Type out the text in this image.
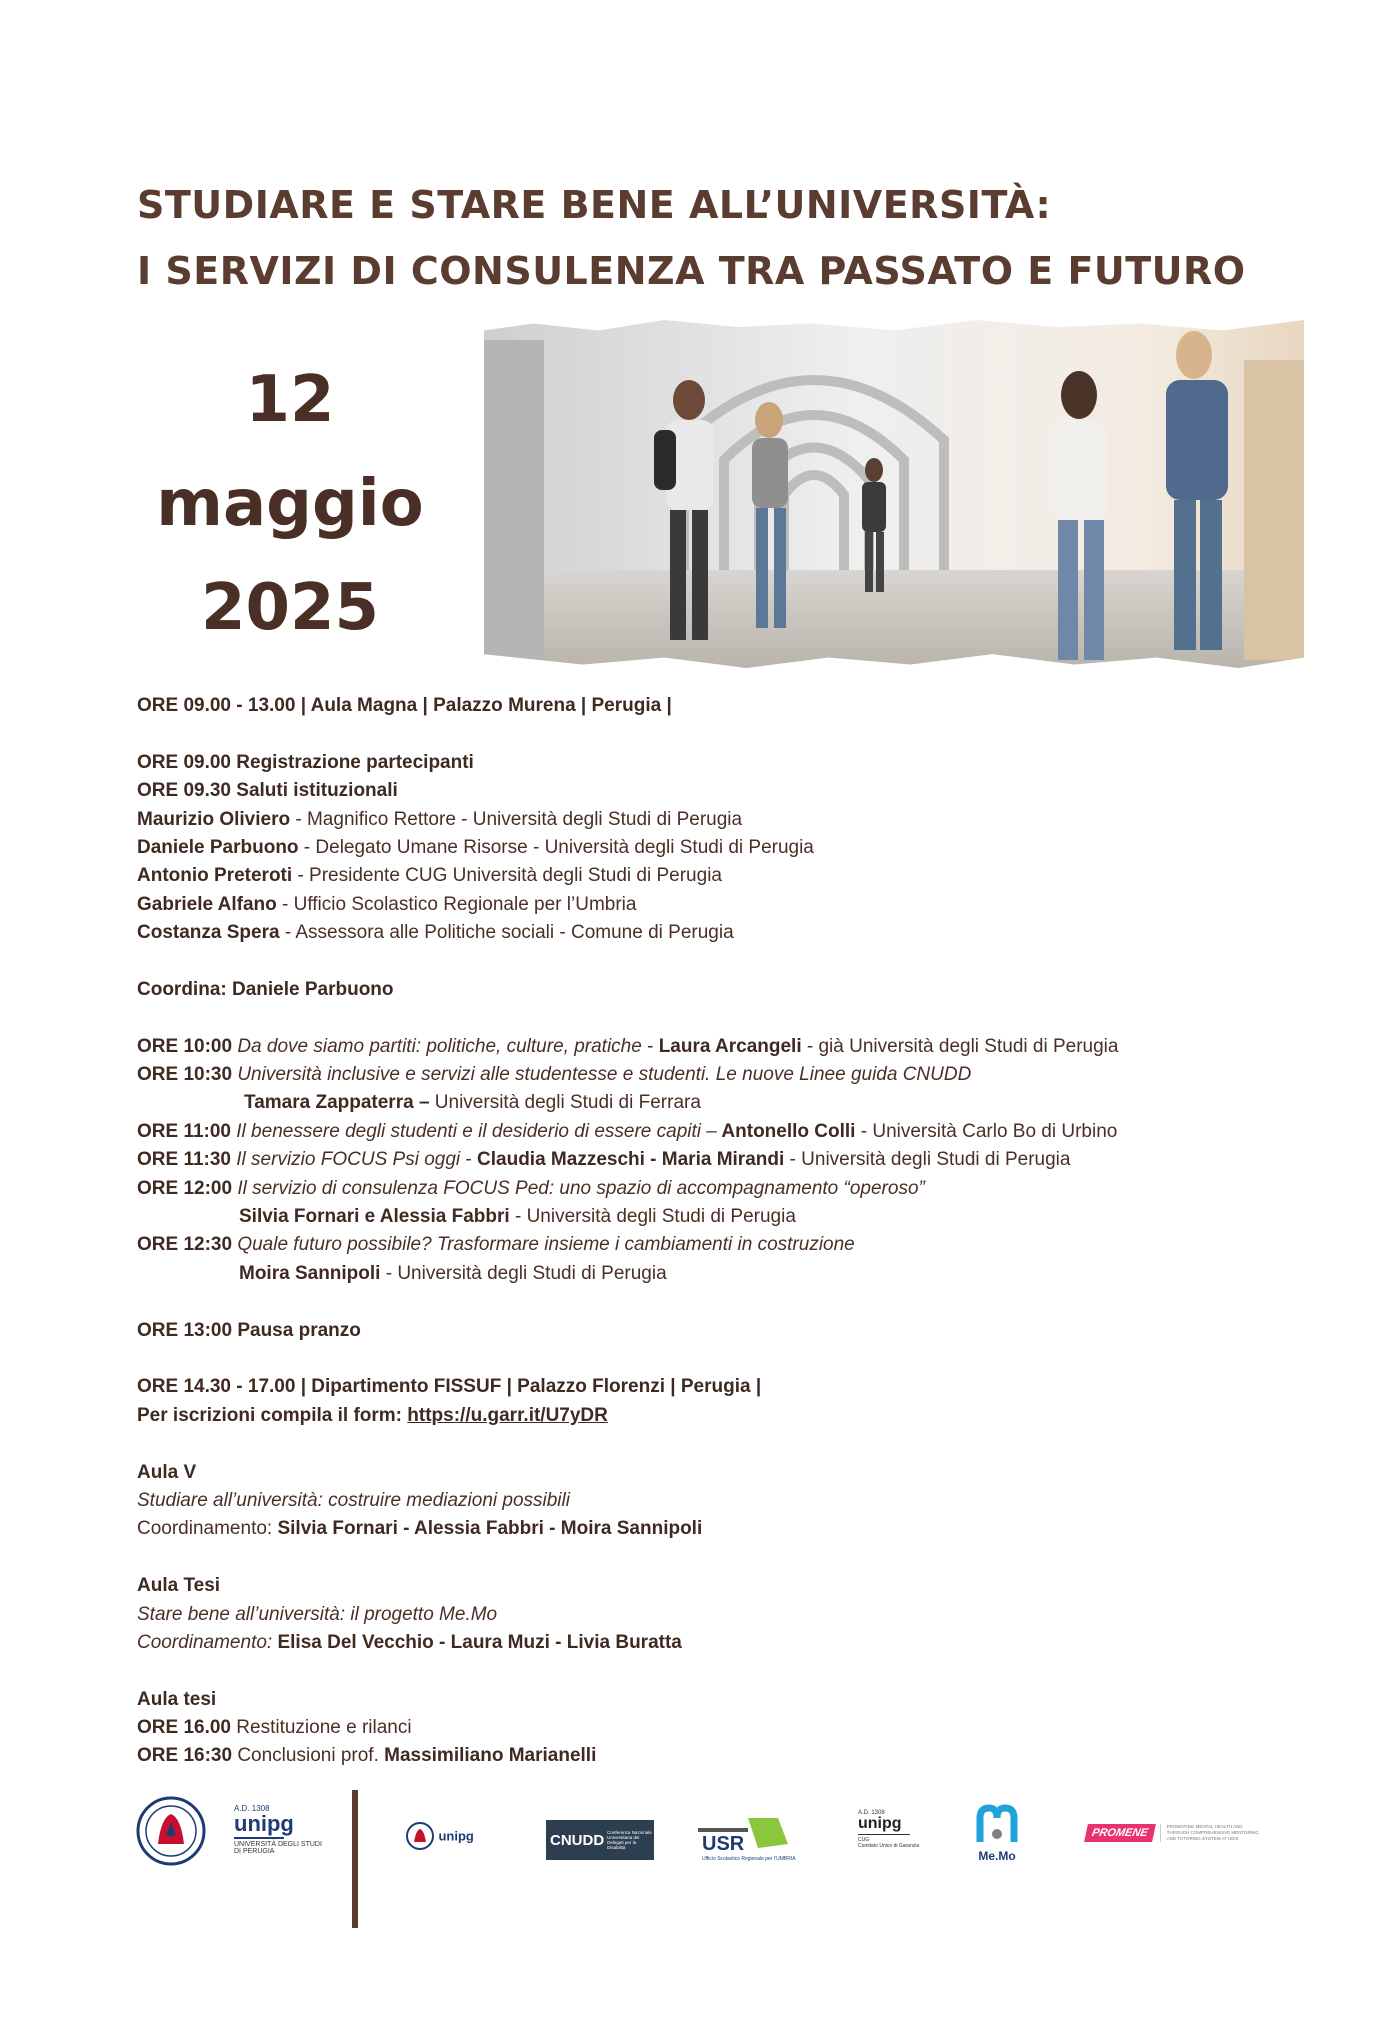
STUDIARE E STARE BENE ALL’UNIVERSITÀ:
I SERVIZI DI CONSULENZA TRA PASSATO E FUTURO
12
maggio
2025
ORE 09.00 - 13.00 | Aula Magna | Palazzo Murena | Perugia |
ORE 09.00 Registrazione partecipanti
ORE 09.30 Saluti istituzionali
Maurizio Oliviero - Magnifico Rettore - Università degli Studi di Perugia
Daniele Parbuono - Delegato Umane Risorse - Università degli Studi di Perugia
Antonio Preteroti - Presidente CUG Università degli Studi di Perugia
Gabriele Alfano - Ufficio Scolastico Regionale per l’Umbria
Costanza Spera - Assessora alle Politiche sociali - Comune di Perugia
Coordina: Daniele Parbuono
ORE 10:00 Da dove siamo partiti: politiche, culture, pratiche - Laura Arcangeli - già Università degli Studi di Perugia
ORE 10:30 Università inclusive e servizi alle studentesse e studenti. Le nuove Linee guida CNUDD
Tamara Zappaterra – Università degli Studi di Ferrara
ORE 11:00 Il benessere degli studenti e il desiderio di essere capiti – Antonello Colli - Università Carlo Bo di Urbino
ORE 11:30 Il servizio FOCUS Psi oggi - Claudia Mazzeschi - Maria Mirandi - Università degli Studi di Perugia
ORE 12:00 Il servizio di consulenza FOCUS Ped: uno spazio di accompagnamento “operoso”
Silvia Fornari e Alessia Fabbri - Università degli Studi di Perugia
ORE 12:30 Quale futuro possibile? Trasformare insieme i cambiamenti in costruzione
Moira Sannipoli - Università degli Studi di Perugia
ORE 13:00 Pausa pranzo
ORE 14.30 - 17.00 | Dipartimento FISSUF | Palazzo Florenzi | Perugia |
Per iscrizioni compila il form: https://u.garr.it/U7yDR
Aula V
Studiare all’università: costruire mediazioni possibili
Coordinamento: Silvia Fornari - Alessia Fabbri - Moira Sannipoli
Aula Tesi
Stare bene all’università: il progetto Me.Mo
Coordinamento: Elisa Del Vecchio - Laura Muzi - Livia Buratta
Aula tesi
ORE 16.00 Restituzione e rilanci
ORE 16:30 Conclusioni prof. Massimiliano Marianelli
A.D. 1308
unipg
UNIVERSITÀ DEGLI STUDI
DI PERUGIA
unipg	CNUDD Conferenza Nazionale
Universitaria dei
Delegati per la
Disabilità	USR
Ufficio Scolastico Regionale per l’UMBRIA
A.D. 1308
unipg
CUG
Comitato Unico di Garanzia
Me.Mo
PROMENE
PROMOTING MENTAL HEALTH AND
THROUGH COMPREHENSIVE MENTORING
AND TUTORING SYSTEM AT HEIS
